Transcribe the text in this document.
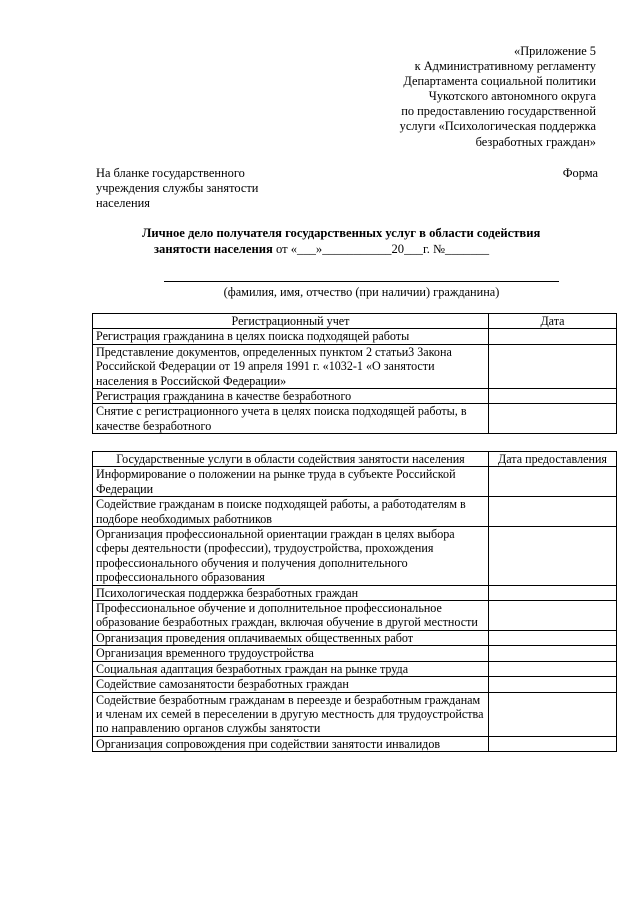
«Приложение 5
к Административному регламенту
Департамента социальной политики
Чукотского автономного округа
по предоставлению государственной
услуги «Психологическая поддержка
безработных граждан»
На бланке государственного
учреждения службы занятости
населения
Форма
Личное дело получателя государственных услуг в области содействия
занятости населения от «___»___________20___г. №_______
(фамилия, имя, отчество (при наличии) гражданина)
Регистрационный учет	Дата
Регистрация гражданина в целях поиска подходящей работы	
Представление документов, определенных пунктом 2 статьи3 Закона Российской Федерации от 19 апреля 1991 г. «1032-1 «О занятости населения в Российской Федерации»	
Регистрация гражданина в качестве безработного	
Снятие с регистрационного учета в целях поиска подходящей работы, в качестве безработного	
Государственные услуги в области содействия занятости населения	Дата предоставления
Информирование о положении на рынке труда в субъекте Российской Федерации	
Содействие гражданам в поиске подходящей работы, а работодателям в подборе необходимых работников	
Организация профессиональной ориентации граждан в целях выбора сферы деятельности (профессии), трудоустройства, прохождения профессионального обучения и получения дополнительного профессионального образования	
Психологическая поддержка безработных граждан	
Профессиональное обучение и дополнительное профессиональное образование безработных граждан, включая обучение в другой местности	
Организация проведения оплачиваемых общественных работ	
Организация временного трудоустройства	
Социальная адаптация безработных граждан на рынке труда	
Содействие самозанятости безработных граждан	
Содействие безработным гражданам в переезде и безработным гражданам и членам их семей в переселении в другую местность для трудоустройства по направлению органов службы занятости	
Организация сопровождения при содействии занятости инвалидов	
